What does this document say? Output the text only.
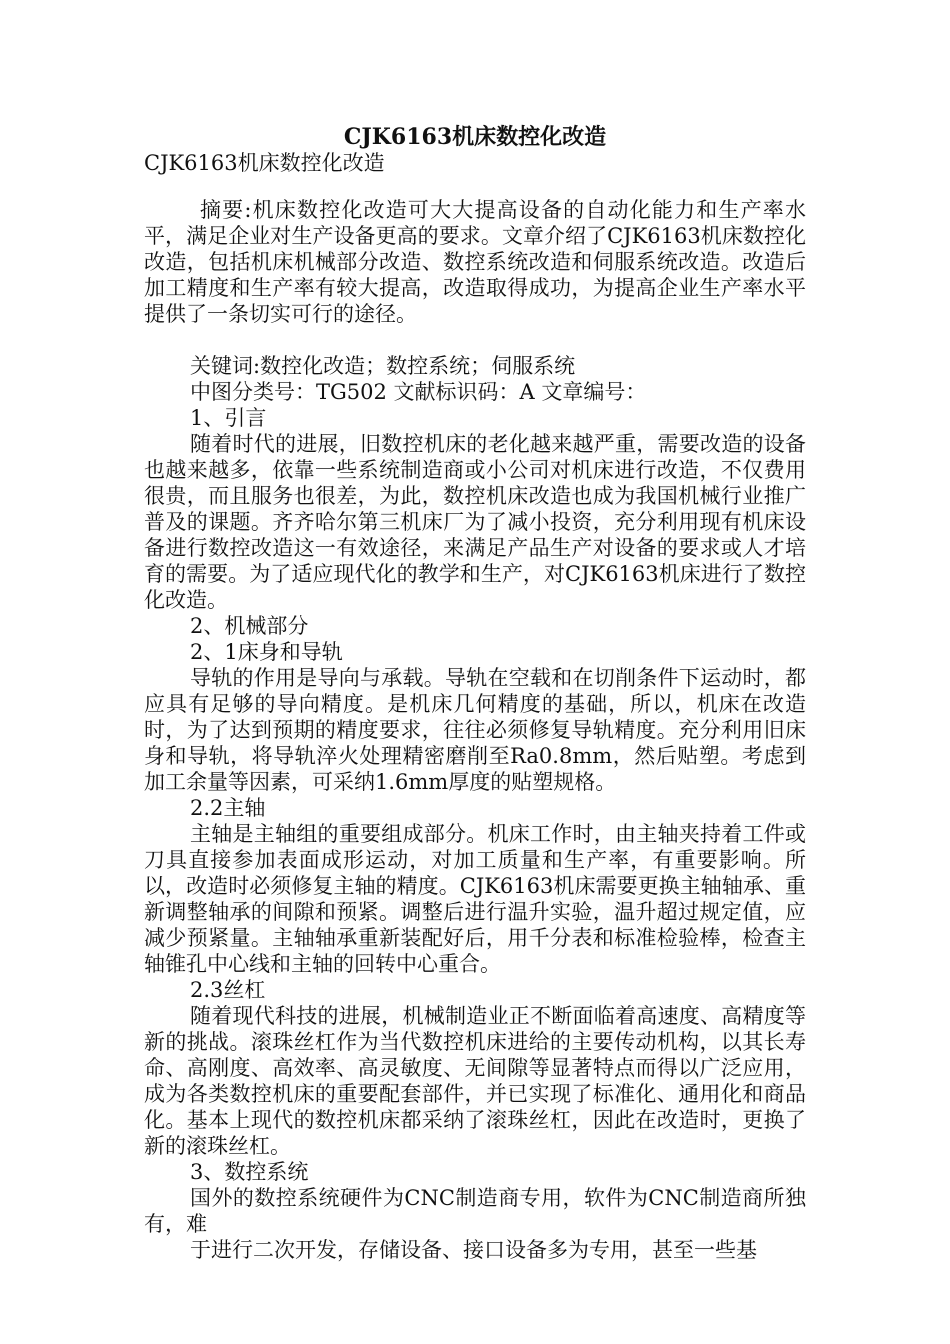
CJK6163机床数控化改造
CJK6163机床数控化改造

摘要:机床数控化改造可大大提高设备的自动化能力和生产率水平，满足企业对生产设备更高的要求。文章介绍了CJK6163机床数控化改造，包括机床机械部分改造、数控系统改造和伺服系统改造。改造后加工精度和生产率有较大提高，改造取得成功，为提高企业生产率水平提供了一条切实可行的途径。

关键词:数控化改造；数控系统；伺服系统

中图分类号：TG502 文献标识码：A 文章编号：

1、引言

随着时代的进展，旧数控机床的老化越来越严重，需要改造的设备也越来越多，依靠一些系统制造商或小公司对机床进行改造，不仅费用很贵，而且服务也很差，为此，数控机床改造也成为我国机械行业推广普及的课题。齐齐哈尔第三机床厂为了减小投资，充分利用现有机床设备进行数控改造这一有效途径，来满足产品生产对设备的要求或人才培育的需要。为了适应现代化的教学和生产，对CJK6163机床进行了数控化改造。

2、机械部分

2、1床身和导轨

导轨的作用是导向与承载。导轨在空载和在切削条件下运动时，都应具有足够的导向精度。是机床几何精度的基础，所以，机床在改造时，为了达到预期的精度要求，往往必须修复导轨精度。充分利用旧床身和导轨，将导轨淬火处理精密磨削至Ra0.8mm，然后贴塑。考虑到加工余量等因素，可采纳1.6mm厚度的贴塑规格。

2.2主轴

主轴是主轴组的重要组成部分。机床工作时，由主轴夹持着工件或刀具直接参加表面成形运动，对加工质量和生产率，有重要影响。所以，改造时必须修复主轴的精度。CJK6163机床需要更换主轴轴承、重新调整轴承的间隙和预紧。调整后进行温升实验，温升超过规定值，应减少预紧量。主轴轴承重新装配好后，用千分表和标准检验棒，检查主轴锥孔中心线和主轴的回转中心重合。

2.3丝杠

随着现代科技的进展，机械制造业正不断面临着高速度、高精度等新的挑战。滚珠丝杠作为当代数控机床进给的主要传动机构，以其长寿命、高刚度、高效率、高灵敏度、无间隙等显著特点而得以广泛应用，成为各类数控机床的重要配套部件，并已实现了标准化、通用化和商品化。基本上现代的数控机床都采纳了滚珠丝杠，因此在改造时，更换了新的滚珠丝杠。

3、数控系统

国外的数控系统硬件为CNC制造商专用，软件为CNC制造商所独有，难

于进行二次开发，存储设备、接口设备多为专用，甚至一些基
